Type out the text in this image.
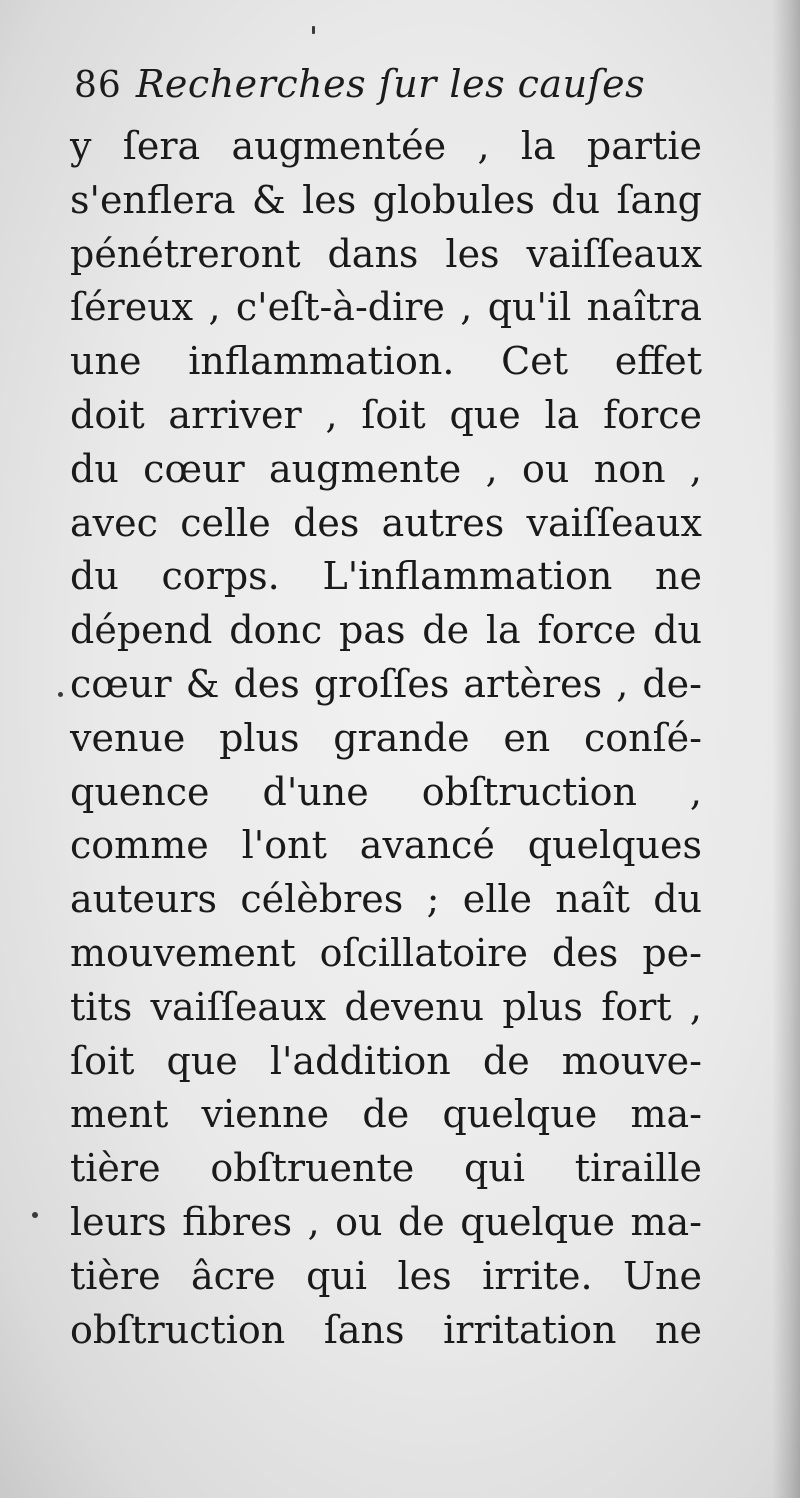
86 Recherches ſur les cauſes
y ſera augmentée , la partie
s'enflera & les globules du ſang
pénétreront dans les vaiſſeaux
ſéreux , c'eſt-à-dire , qu'il naîtra
une inflammation. Cet effet
doit arriver , ſoit que la force
du cœur augmente , ou non ,
avec celle des autres vaiſſeaux
du corps. L'inflammation ne
dépend donc pas de la force du
cœur & des groſſes artères , de-
venue plus grande en conſé-
quence d'une obſtruction ,
comme l'ont avancé quelques
auteurs célèbres ; elle naît du
mouvement oſcillatoire des pe-
tits vaiſſeaux devenu plus fort ,
ſoit que l'addition de mouve-
ment vienne de quelque ma-
tière obſtruente qui tiraille
leurs fibres , ou de quelque ma-
tière âcre qui les irrite. Une
obſtruction ſans irritation ne
